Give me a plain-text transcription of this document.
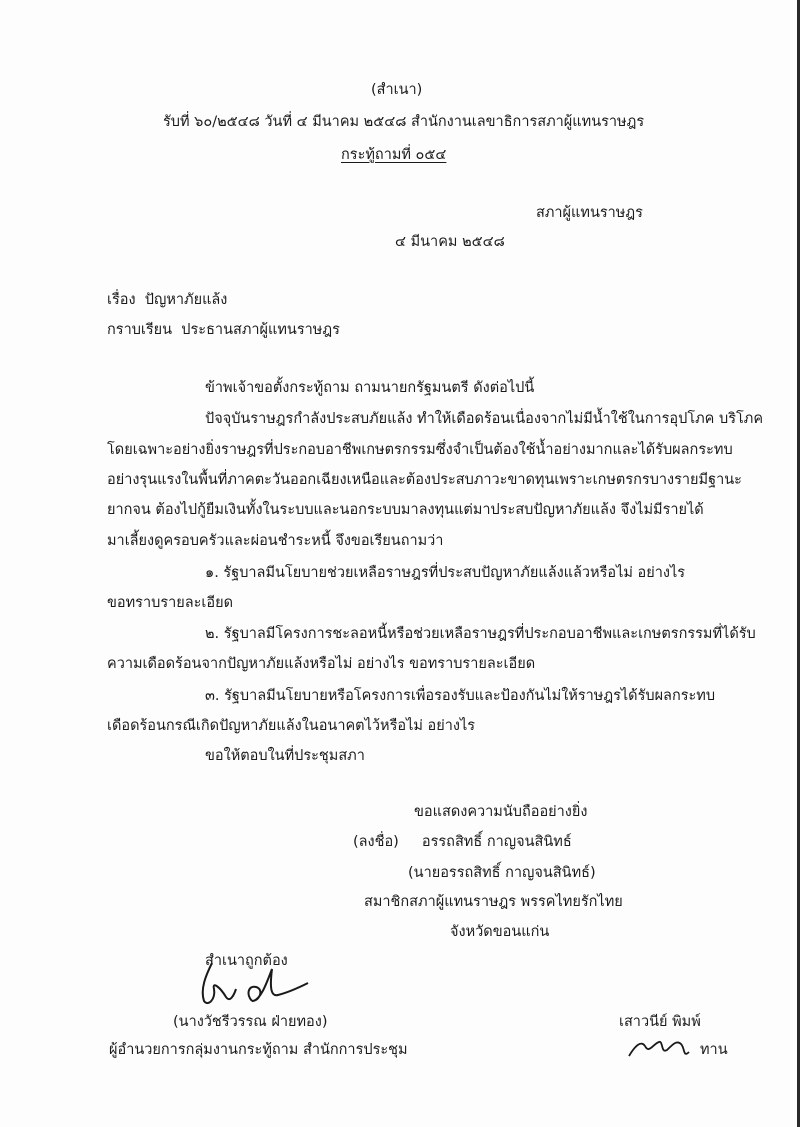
(สำเนา)
รับที่ ๖๐/๒๕๔๘ วันที่ ๔ มีนาคม ๒๕๔๘ สำนักงานเลขาธิการสภาผู้แทนราษฎร
กระทู้ถามที่ ๐๕๔
สภาผู้แทนราษฎร
๔ มีนาคม ๒๕๔๘
เรื่อง ปัญหาภัยแล้ง
กราบเรียน ประธานสภาผู้แทนราษฎร
ข้าพเจ้าขอตั้งกระทู้ถาม ถามนายกรัฐมนตรี ดังต่อไปนี้
ปัจจุบันราษฎรกำลังประสบภัยแล้ง ทำให้เดือดร้อนเนื่องจากไม่มีน้ำใช้ในการอุปโภค บริโภค
โดยเฉพาะอย่างยิ่งราษฎรที่ประกอบอาชีพเกษตรกรรมซึ่งจำเป็นต้องใช้น้ำอย่างมากและได้รับผลกระทบ
อย่างรุนแรงในพื้นที่ภาคตะวันออกเฉียงเหนือและต้องประสบภาวะขาดทุนเพราะเกษตรกรบางรายมีฐานะ
ยากจน ต้องไปกู้ยืมเงินทั้งในระบบและนอกระบบมาลงทุนแต่มาประสบปัญหาภัยแล้ง จึงไม่มีรายได้
มาเลี้ยงดูครอบครัวและผ่อนชำระหนี้ จึงขอเรียนถามว่า
๑. รัฐบาลมีนโยบายช่วยเหลือราษฎรที่ประสบปัญหาภัยแล้งแล้วหรือไม่ อย่างไร
ขอทราบรายละเอียด
๒. รัฐบาลมีโครงการชะลอหนี้หรือช่วยเหลือราษฎรที่ประกอบอาชีพและเกษตรกรรมที่ได้รับ
ความเดือดร้อนจากปัญหาภัยแล้งหรือไม่ อย่างไร ขอทราบรายละเอียด
๓. รัฐบาลมีนโยบายหรือโครงการเพื่อรองรับและป้องกันไม่ให้ราษฎรได้รับผลกระทบ
เดือดร้อนกรณีเกิดปัญหาภัยแล้งในอนาคตไว้หรือไม่ อย่างไร
ขอให้ตอบในที่ประชุมสภา
ขอแสดงความนับถืออย่างยิ่ง
(ลงชื่อ) อรรถสิทธิ์ กาญจนสินิทธ์
(นายอรรถสิทธิ์ กาญจนสินิทธ์)
สมาชิกสภาผู้แทนราษฎร พรรคไทยรักไทย
จังหวัดขอนแก่น
สำเนาถูกต้อง
(นางวัชรีวรรณ ฝ่ายทอง)
ผู้อำนวยการกลุ่มงานกระทู้ถาม สำนักการประชุม
เสาวนีย์ พิมพ์
ทาน
